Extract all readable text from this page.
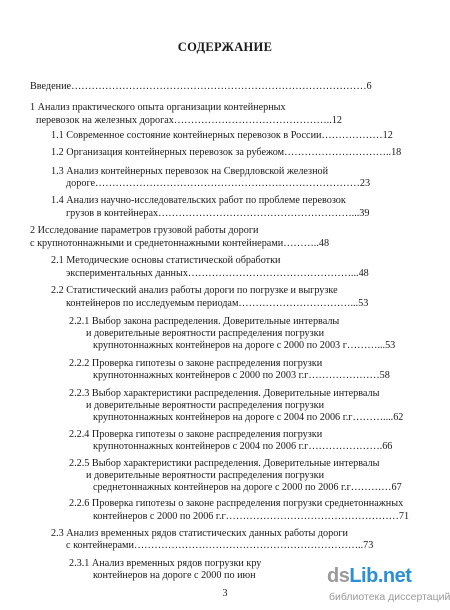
СОДЕРЖАНИЕ
Введение……………………………………………………………………………6
1 Анализ практического опыта организации контейнерных
перевозок на железных дорогах………………………………………..12
1.1 Современное состояние контейнерных перевозок в России………………12
1.2 Организация контейнерных перевозок за рубежом…………………………..18
1.3 Анализ контейнерных перевозок на Свердловской железной
дороге……………………………………………………………………23
1.4 Анализ научно-исследовательских работ по проблеме перевозок
грузов в контейнерах…………………………………………………...39
2 Исследование параметров грузовой работы дороги
с крупнотоннажными и среднетоннажными контейнерами………..48
2.1 Методические основы статистической обработки
экспериментальных данных…………………………………………...48
2.2 Статистический анализ работы дороги по погрузке и выгрузке
контейнеров по исследуемым периодам……………………………...53
2.2.1 Выбор закона распределения. Доверительные интервалы
и доверительные вероятности распределения погрузки
крупнотоннажных контейнеров на дороге с 2000 по 2003 г………...53
2.2.2 Проверка гипотезы о законе распределения погрузки
крупнотоннажных контейнеров с 2000 по 2003 г.г…………………58
2.2.3 Выбор характеристики распределения. Доверительные интервалы
и доверительные вероятности распределения погрузки
крупнотоннажных контейнеров на дороге с 2004 по 2006 г.г………....62
2.2.4 Проверка гипотезы о законе распределения погрузки
крупнотоннажных контейнеров с 2004 по 2006 г.г………………….66
2.2.5 Выбор характеристики распределения. Доверительные интервалы
и доверительные вероятности распределения погрузки
среднетоннажных контейнеров на дороге с 2000 по 2006 г.г…………67
2.2.6 Проверка гипотезы о законе распределения погрузки среднетоннажных
контейнеров с 2000 по 2006 г.г……………………………………………71
2.3 Анализ временных рядов статистических данных работы дороги
с контейнерами…………………………………………………………..73
2.3.1 Анализ временных рядов погрузки кру
контейнеров на дороге с 2000 по июн
3
dsLib.net
библиотека диссертаций
